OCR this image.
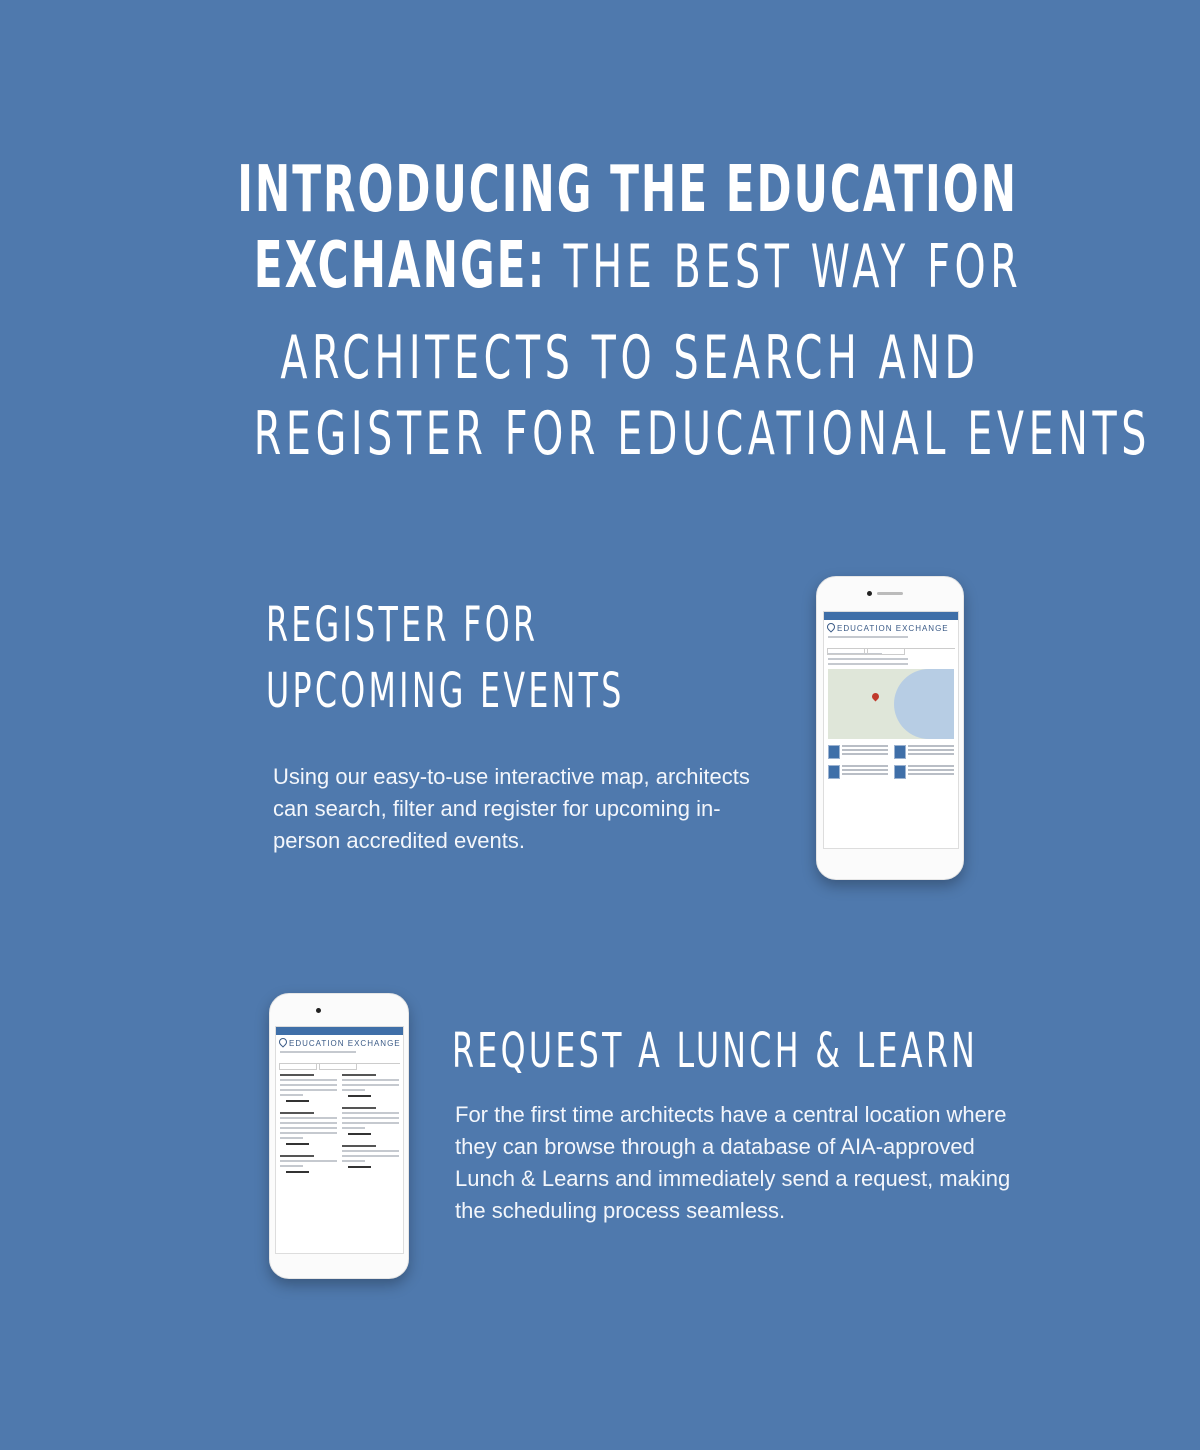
INTRODUCING THE EDUCATION
EXCHANGE: THE BEST WAY FOR
ARCHITECTS TO SEARCH AND
REGISTER FOR EDUCATIONAL EVENTS
REGISTER FOR
UPCOMING EVENTS

Using our easy-to-use interactive map, architects can search, filter and register for upcoming in-person accredited events.

EDUCATION EXCHANGE
EDUCATION EXCHANGE REQUEST A LUNCH & LEARN

For the first time architects have a central location where they can browse through a database of AIA-approved Lunch & Learns and immediately send a request, making the scheduling process seamless.
